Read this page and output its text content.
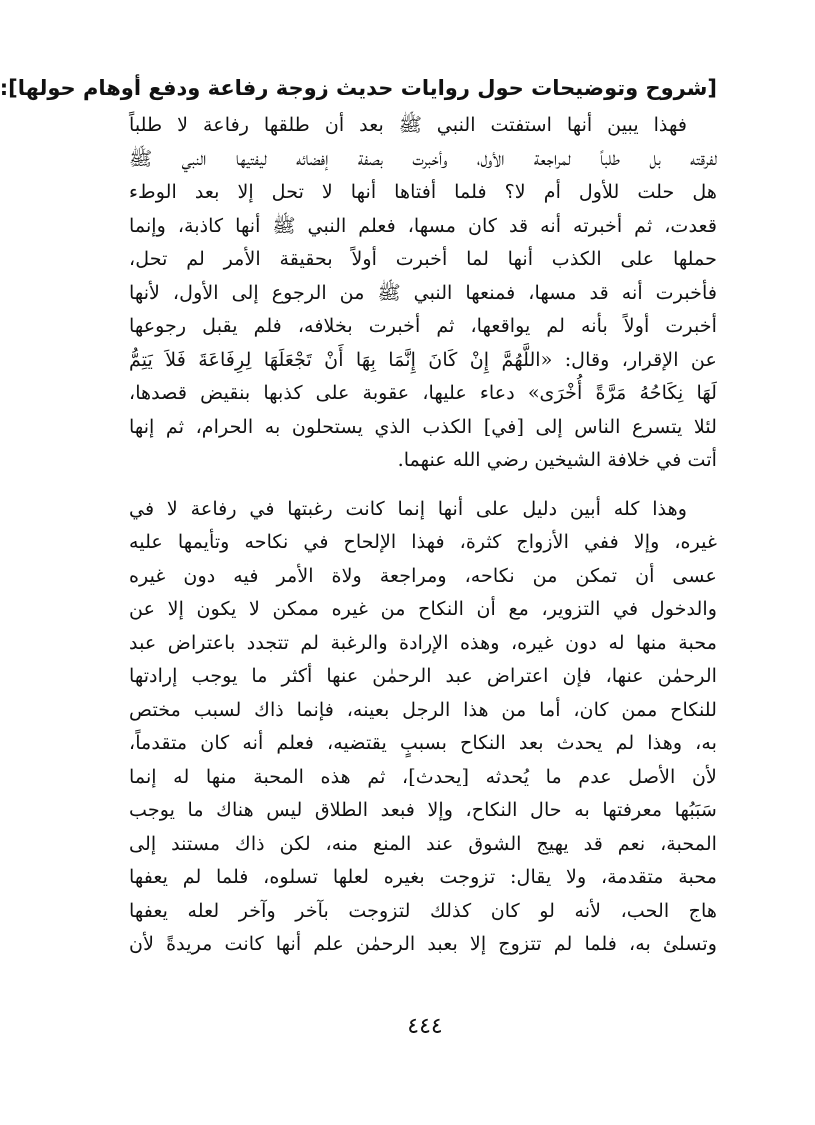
[شروح وتوضيحات حول روايات حديث زوجة رفاعة ودفع أوهام حولها]:
فهذا يبين أنها استفتت النبي ﷺ بعد أن طلقها رفاعة لا طلباً
لفرقته بل طلباً لمراجعة الأول، وأخبرت بصفة إفضائه ليفتيها النبي ﷺ
هل حلت للأول أم لا؟ فلما أفتاها أنها لا تحل إلا بعد الوطء
قعدت، ثم أخبرته أنه قد كان مسها، فعلم النبي ﷺ أنها كاذبة، وإنما
حملها على الكذب أنها لما أخبرت أولاً بحقيقة الأمر لم تحل،
فأخبرت أنه قد مسها، فمنعها النبي ﷺ من الرجوع إلى الأول، لأنها
أخبرت أولاً بأنه لم يواقعها، ثم أخبرت بخلافه، فلم يقبل رجوعها
عن الإقرار، وقال: «اللَّهُمَّ إِنْ كَانَ إِنَّمَا بِهَا أَنْ تَجْعَلَهَا لِرِفَاعَةَ فَلاَ يَتِمُّ
لَهَا نِكَاحُهُ مَرَّةً أُخْرَى» دعاء عليها، عقوبة على كذبها بنقيض قصدها،
لئلا يتسرع الناس إلى [في] الكذب الذي يستحلون به الحرام، ثم إنها
أتت في خلافة الشيخين رضي الله عنهما.
وهذا كله أبين دليل على أنها إنما كانت رغبتها في رفاعة لا في
غيره، وإلا ففي الأزواج كثرة، فهذا الإلحاح في نكاحه وتأيمها عليه
عسى أن تمكن من نكاحه، ومراجعة ولاة الأمر فيه دون غيره
والدخول في التزوير، مع أن النكاح من غيره ممكن لا يكون إلا عن
محبة منها له دون غيره، وهذه الإرادة والرغبة لم تتجدد باعتراض عبد
الرحمٰن عنها، فإن اعتراض عبد الرحمٰن عنها أكثر ما يوجب إرادتها
للنكاح ممن كان، أما من هذا الرجل بعينه، فإنما ذاك لسبب مختص
به، وهذا لم يحدث بعد النكاح بسببٍ يقتضيه، فعلم أنه كان متقدماً،
لأن الأصل عدم ما يُحدثه [يحدث]، ثم هذه المحبة منها له إنما
سَبَبُها معرفتها به حال النكاح، وإلا فبعد الطلاق ليس هناك ما يوجب
المحبة، نعم قد يهيج الشوق عند المنع منه، لكن ذاك مستند إلى
محبة متقدمة، ولا يقال: تزوجت بغيره لعلها تسلوه، فلما لم يعفها
هاج الحب، لأنه لو كان كذلك لتزوجت بآخر وآخر لعله يعفها
وتسلئ به، فلما لم تتزوج إلا بعبد الرحمٰن علم أنها كانت مريدةً لأن
٤٤٤
